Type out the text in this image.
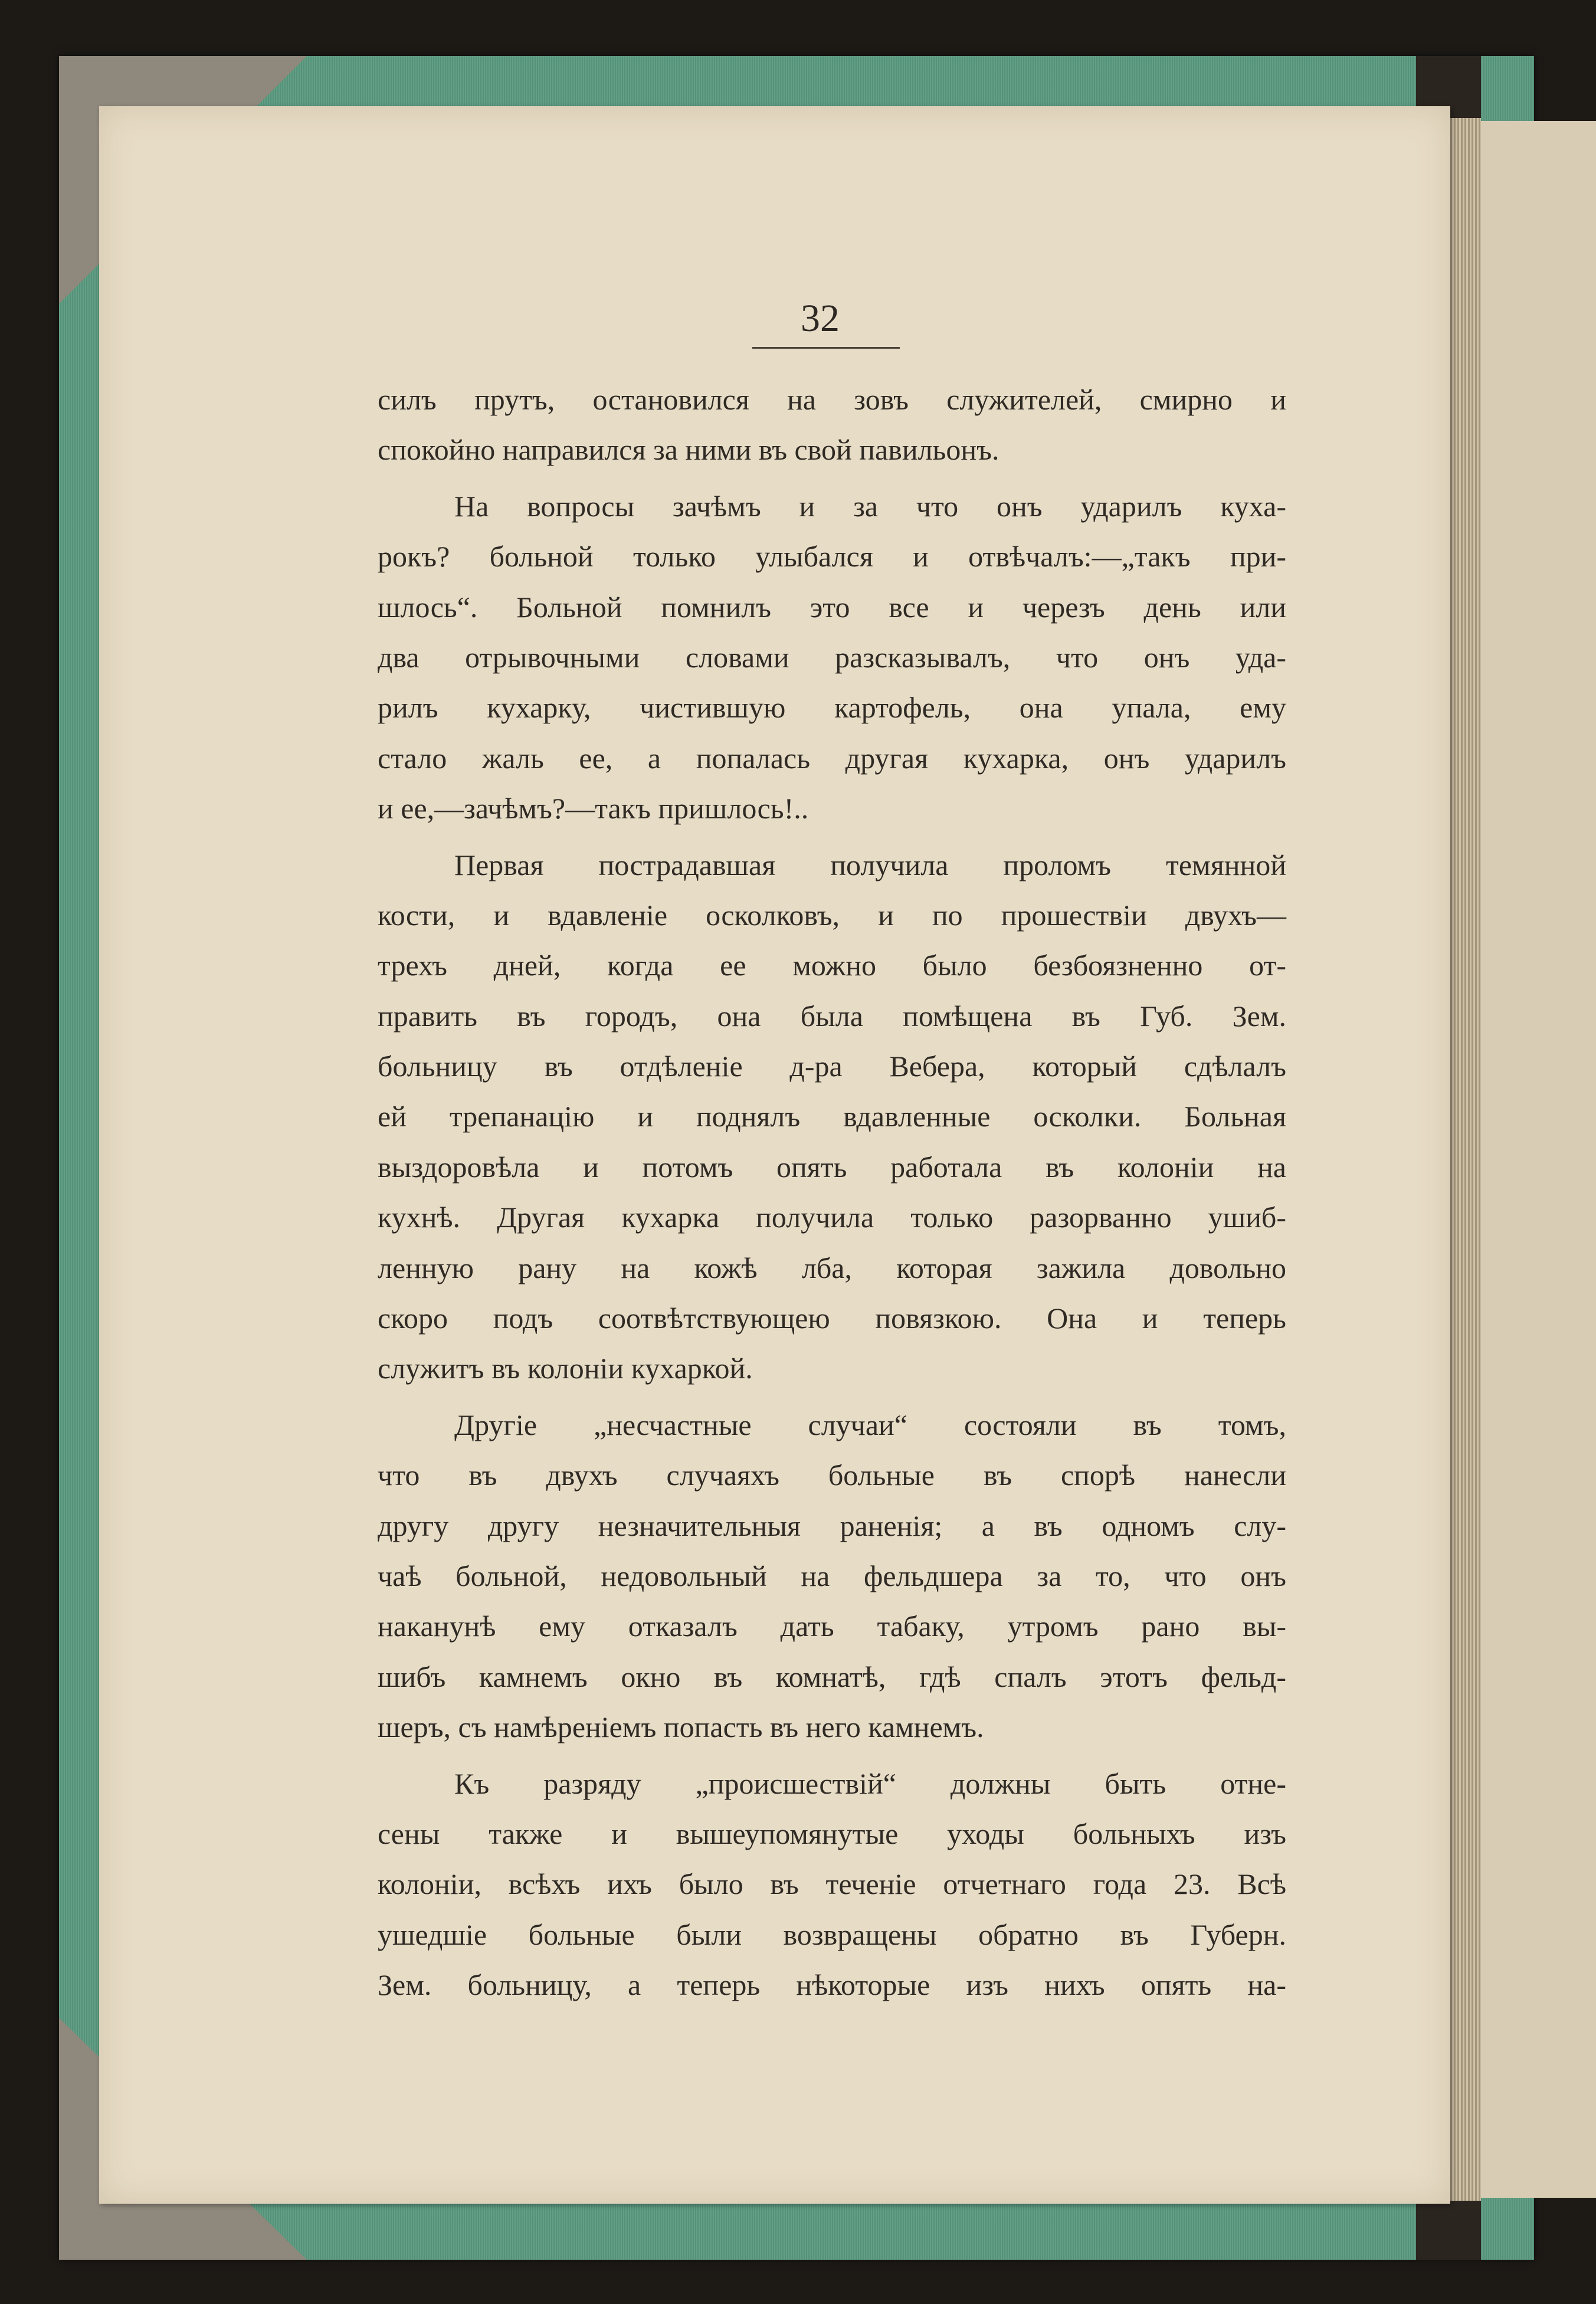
32
силъ прутъ, остановился на зовъ служителей, смирно и
спокойно направился за ними въ свой павильонъ.
На вопросы зачѣмъ и за что онъ ударилъ куха-
рокъ? больной только улыбался и отвѣчалъ:—„такъ при-
шлось“. Больной помнилъ это все и черезъ день или
два отрывочными словами разсказывалъ, что онъ уда-
рилъ кухарку, чистившую картофель, она упала, ему
стало жаль ее, а попалась другая кухарка, онъ ударилъ
и ее,—зачѣмъ?—такъ пришлось!..
Первая пострадавшая получила проломъ темянной
кости, и вдавленіе осколковъ, и по прошествіи двухъ—
трехъ дней, когда ее можно было безбоязненно от-
править въ городъ, она была помѣщена въ Губ. Зем.
больницу въ отдѣленіе д-ра Вебера, который сдѣлалъ
ей трепанацію и поднялъ вдавленные осколки. Больная
выздоровѣла и потомъ опять работала въ колоніи на
кухнѣ. Другая кухарка получила только разорванно ушиб-
ленную рану на кожѣ лба, которая зажила довольно
скоро подъ соотвѣтствующею повязкою. Она и теперь
служитъ въ колоніи кухаркой.
Другіе „несчастные случаи“ состояли въ томъ,
что въ двухъ случаяхъ больные въ спорѣ нанесли
другу другу незначительныя раненія; а въ одномъ слу-
чаѣ больной, недовольный на фельдшера за то, что онъ
наканунѣ ему отказалъ дать табаку, утромъ рано вы-
шибъ камнемъ окно въ комнатѣ, гдѣ спалъ этотъ фельд-
шеръ, съ намѣреніемъ попасть въ него камнемъ.
Къ разряду „происшествій“ должны быть отне-
сены также и вышеупомянутые уходы больныхъ изъ
колоніи, всѣхъ ихъ было въ теченіе отчетнаго года 23. Всѣ
ушедшіе больные были возвращены обратно въ Губерн.
Зем. больницу, а теперь нѣкоторые изъ нихъ опять на-
